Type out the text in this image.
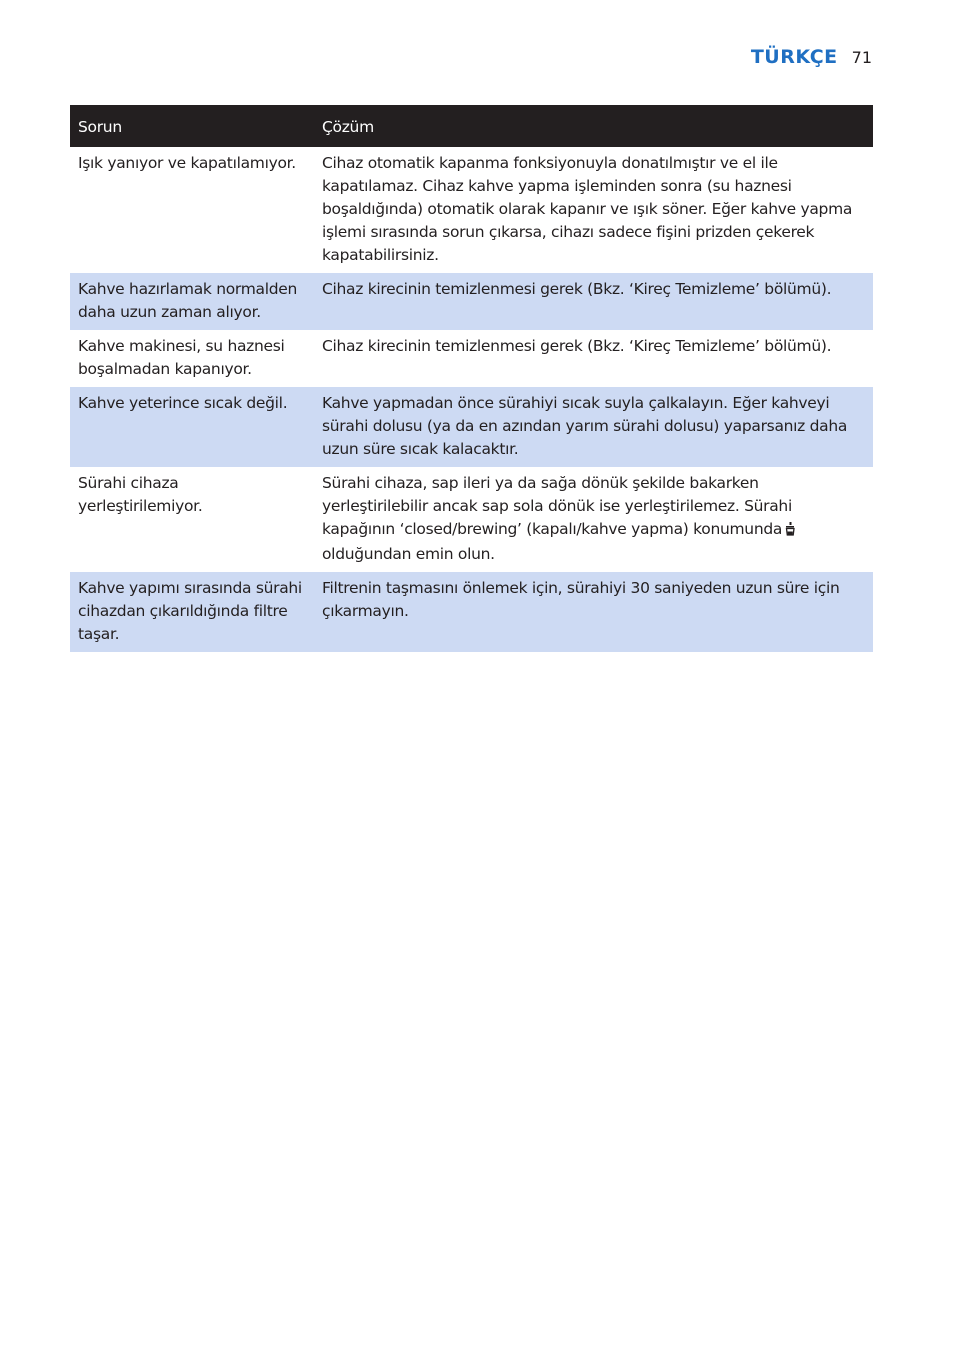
TÜRKÇE 71
Sorun	Çözüm
Işık yanıyor ve kapatılamıyor.	Cihaz otomatik kapanma fonksiyonuyla donatılmıştır ve el ile kapatılamaz. Cihaz kahve yapma işleminden sonra (su haznesi boşaldığında) otomatik olarak kapanır ve ışık söner. Eğer kahve yapma işlemi sırasında sorun çıkarsa, cihazı sadece fişini prizden çekerek kapatabilirsiniz.
Kahve hazırlamak normalden daha uzun zaman alıyor.	Cihaz kirecinin temizlenmesi gerek (Bkz. ‘Kireç Temizleme’ bölümü).
Kahve makinesi, su haznesi boşalmadan kapanıyor.	Cihaz kirecinin temizlenmesi gerek (Bkz. ‘Kireç Temizleme’ bölümü).
Kahve yeterince sıcak değil.	Kahve yapmadan önce sürahiyi sıcak suyla çalkalayın. Eğer kahveyi sürahi dolusu (ya da en azından yarım sürahi dolusu) yaparsanız daha uzun süre sıcak kalacaktır.
Sürahi cihaza yerleştirilemiyor.	Sürahi cihaza, sap ileri ya da sağa dönük şekilde bakarken yerleştirilebilir ancak sap sola dönük ise yerleştirilemez. Sürahi kapağının ‘closed/brewing’ (kapalı/kahve yapma) konumunda
olduğundan emin olun.
Kahve yapımı sırasında sürahi cihazdan çıkarıldığında filtre taşar.	Filtrenin taşmasını önlemek için, sürahiyi 30 saniyeden uzun süre için çıkarmayın.
